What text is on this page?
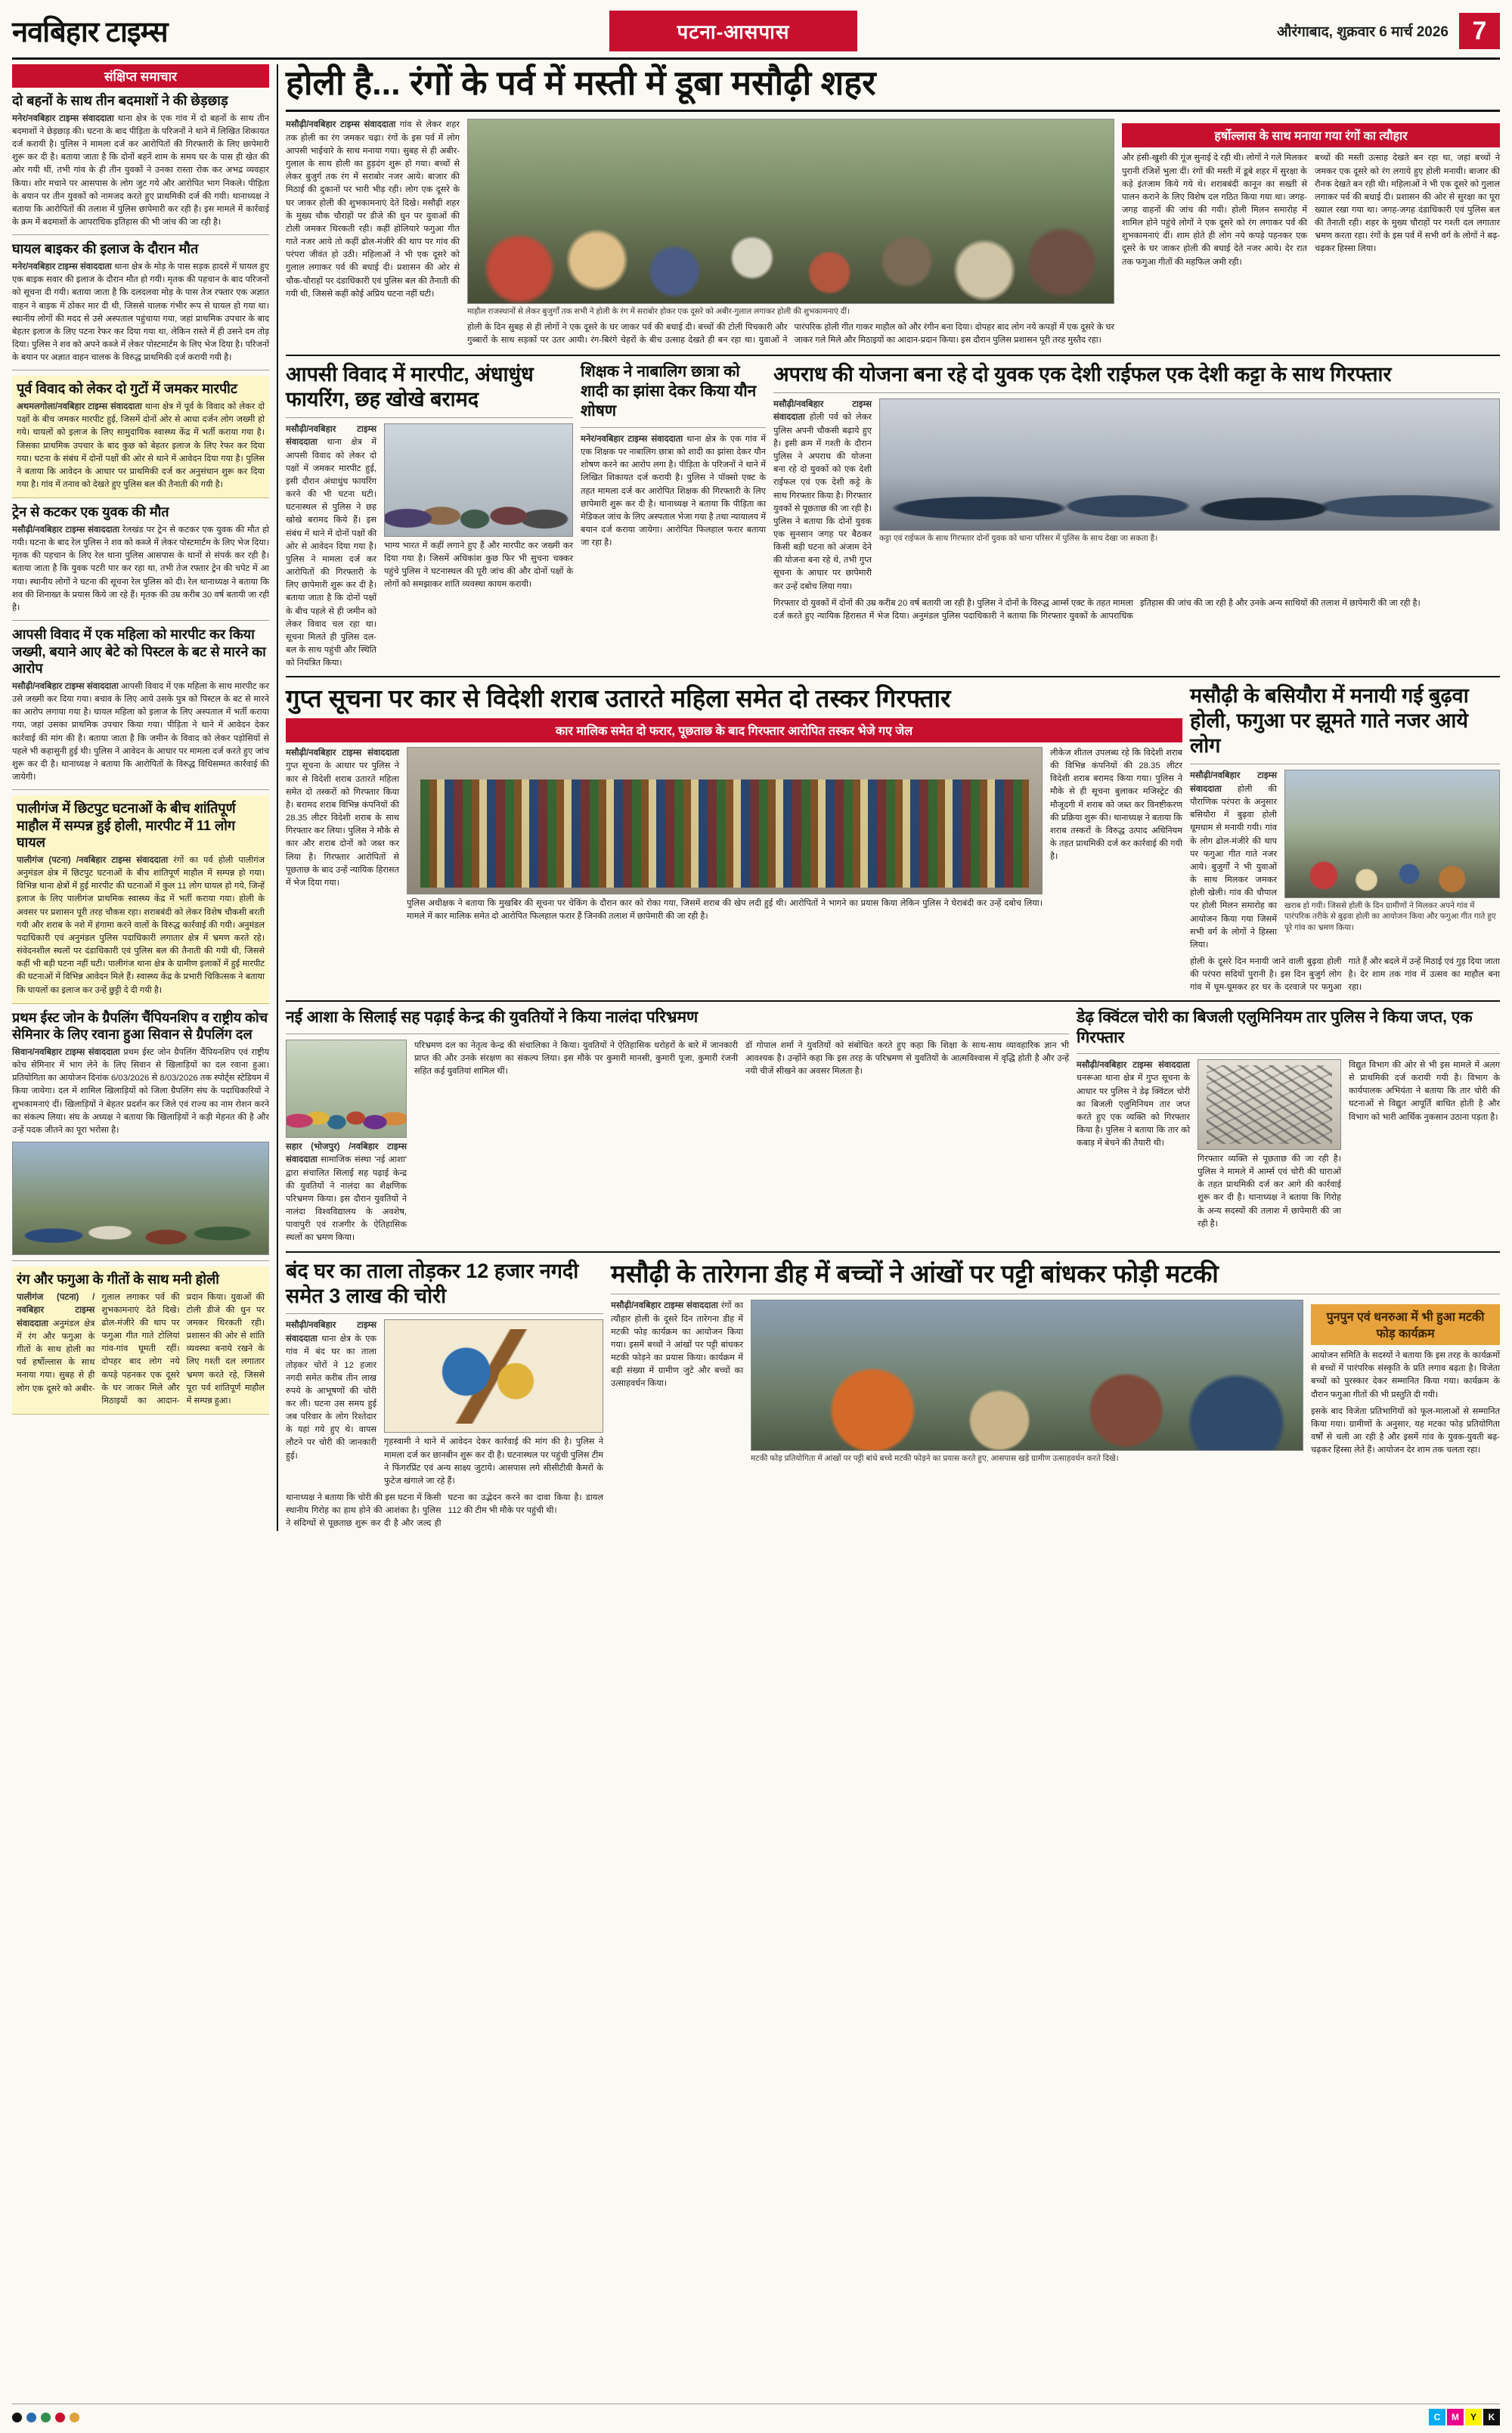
नवबिहार टाइम्स	पटना-आसपास	औरंगाबाद, शुक्रवार 6 मार्च 2026 7
संक्षिप्त समाचार
दो बहनों के साथ तीन बदमाशों ने की छेड़छाड़
मनेर/नवबिहार टाइम्स संवाददाता थाना क्षेत्र के एक गांव में दो बहनों के साथ तीन बदमाशों ने छेड़छाड़ की। घटना के बाद पीड़िता के परिजनों ने थाने में लिखित शिकायत दर्ज करायी है। पुलिस ने मामला दर्ज कर आरोपितों की गिरफ्तारी के लिए छापेमारी शुरू कर दी है। बताया जाता है कि दोनों बहनें शाम के समय घर के पास ही खेत की ओर गयी थीं, तभी गांव के ही तीन युवकों ने उनका रास्ता रोक कर अभद्र व्यवहार किया। शोर मचाने पर आसपास के लोग जुट गये और आरोपित भाग निकले। पीड़िता के बयान पर तीन युवकों को नामजद करते हुए प्राथमिकी दर्ज की गयी। थानाध्यक्ष ने बताया कि आरोपितों की तलाश में पुलिस छापेमारी कर रही है। इस मामले में कार्रवाई के क्रम में बदमाशों के आपराधिक इतिहास की भी जांच की जा रही है।
घायल बाइकर की इलाज के दौरान मौत
मनेर/नवबिहार टाइम्स संवाददाता थाना क्षेत्र के मोड़ के पास सड़क हादसे में घायल हुए एक बाइक सवार की इलाज के दौरान मौत हो गयी। मृतक की पहचान के बाद परिजनों को सूचना दी गयी। बताया जाता है कि दलदलवा मोड़ के पास तेज रफ्तार एक अज्ञात वाहन ने बाइक में ठोकर मार दी थी, जिससे चालक गंभीर रूप से घायल हो गया था। स्थानीय लोगों की मदद से उसे अस्पताल पहुंचाया गया, जहां प्राथमिक उपचार के बाद बेहतर इलाज के लिए पटना रेफर कर दिया गया था, लेकिन रास्ते में ही उसने दम तोड़ दिया। पुलिस ने शव को अपने कब्जे में लेकर पोस्टमार्टम के लिए भेज दिया है। परिजनों के बयान पर अज्ञात वाहन चालक के विरुद्ध प्राथमिकी दर्ज करायी गयी है।
पूर्व विवाद को लेकर दो गुटों में जमकर मारपीट
अथमलगोला/नवबिहार टाइम्स संवाददाता थाना क्षेत्र में पूर्व के विवाद को लेकर दो पक्षों के बीच जमकर मारपीट हुई, जिसमें दोनों ओर से आधा दर्जन लोग जख्मी हो गये। घायलों को इलाज के लिए सामुदायिक स्वास्थ्य केंद्र में भर्ती कराया गया है। जिसका प्राथमिक उपचार के बाद कुछ को बेहतर इलाज के लिए रेफर कर दिया गया। घटना के संबंध में दोनों पक्षों की ओर से थाने में आवेदन दिया गया है। पुलिस ने बताया कि आवेदन के आधार पर प्राथमिकी दर्ज कर अनुसंधान शुरू कर दिया गया है। गांव में तनाव को देखते हुए पुलिस बल की तैनाती की गयी है।
ट्रेन से कटकर एक युवक की मौत
मसौढ़ी/नवबिहार टाइम्स संवाददाता रेलखंड पर ट्रेन से कटकर एक युवक की मौत हो गयी। घटना के बाद रेल पुलिस ने शव को कब्जे में लेकर पोस्टमार्टम के लिए भेज दिया। मृतक की पहचान के लिए रेल थाना पुलिस आसपास के थानों से संपर्क कर रही है। बताया जाता है कि युवक पटरी पार कर रहा था, तभी तेज रफ्तार ट्रेन की चपेट में आ गया। स्थानीय लोगों ने घटना की सूचना रेल पुलिस को दी। रेल थानाध्यक्ष ने बताया कि शव की शिनाख्त के प्रयास किये जा रहे हैं। मृतक की उम्र करीब 30 वर्ष बतायी जा रही है।
आपसी विवाद में एक महिला को मारपीट कर किया जख्मी, बयाने आए बेटे को पिस्टल के बट से मारने का आरोप
मसौढ़ी/नवबिहार टाइम्स संवाददाता आपसी विवाद में एक महिला के साथ मारपीट कर उसे जख्मी कर दिया गया। बचाव के लिए आये उसके पुत्र को पिस्टल के बट से मारने का आरोप लगाया गया है। घायल महिला को इलाज के लिए अस्पताल में भर्ती कराया गया, जहां उसका प्राथमिक उपचार किया गया। पीड़िता ने थाने में आवेदन देकर कार्रवाई की मांग की है। बताया जाता है कि जमीन के विवाद को लेकर पड़ोसियों से पहले भी कहासुनी हुई थी। पुलिस ने आवेदन के आधार पर मामला दर्ज करते हुए जांच शुरू कर दी है। थानाध्यक्ष ने बताया कि आरोपितों के विरुद्ध विधिसम्मत कार्रवाई की जायेगी।
पालीगंज में छिटपुट घटनाओं के बीच शांतिपूर्ण माहौल में सम्पन्न हुई होली, मारपीट में 11 लोग घायल
पालीगंज (पटना) /नवबिहार टाइम्स संवाददाता रंगों का पर्व होली पालीगंज अनुमंडल क्षेत्र में छिटपुट घटनाओं के बीच शांतिपूर्ण माहौल में सम्पन्न हो गया। विभिन्न थाना क्षेत्रों में हुई मारपीट की घटनाओं में कुल 11 लोग घायल हो गये, जिन्हें इलाज के लिए पालीगंज प्राथमिक स्वास्थ्य केंद्र में भर्ती कराया गया। होली के अवसर पर प्रशासन पूरी तरह चौकस रहा। शराबबंदी को लेकर विशेष चौकसी बरती गयी और शराब के नशे में हंगामा करने वालों के विरुद्ध कार्रवाई की गयी। अनुमंडल पदाधिकारी एवं अनुमंडल पुलिस पदाधिकारी लगातार क्षेत्र में भ्रमण करते रहे। संवेदनशील स्थलों पर दंडाधिकारी एवं पुलिस बल की तैनाती की गयी थी, जिससे कहीं भी बड़ी घटना नहीं घटी। पालीगंज थाना क्षेत्र के ग्रामीण इलाकों में हुई मारपीट की घटनाओं में विभिन्न आवेदन मिले हैं। स्वास्थ्य केंद्र के प्रभारी चिकित्सक ने बताया कि घायलों का इलाज कर उन्हें छुट्टी दे दी गयी है।
प्रथम ईस्ट जोन के ग्रैपलिंग चैंपियनशिप व राष्ट्रीय कोच सेमिनार के लिए रवाना हुआ सिवान से ग्रैपलिंग दल
सिवान/नवबिहार टाइम्स संवाददाता प्रथम ईस्ट जोन ग्रैपलिंग चैंपियनशिप एवं राष्ट्रीय कोच सेमिनार में भाग लेने के लिए सिवान से खिलाड़ियों का दल रवाना हुआ। प्रतियोगिता का आयोजन दिनांक 6/03/2026 से 8/03/2026 तक स्पोर्ट्स स्टेडियम में किया जायेगा। दल में शामिल खिलाड़ियों को जिला ग्रैपलिंग संघ के पदाधिकारियों ने शुभकामनाएं दीं। खिलाड़ियों ने बेहतर प्रदर्शन कर जिले एवं राज्य का नाम रोशन करने का संकल्प लिया। संघ के अध्यक्ष ने बताया कि खिलाड़ियों ने कड़ी मेहनत की है और उन्हें पदक जीतने का पूरा भरोसा है।
रंग और फगुआ के गीतों के साथ मनी होली
पालीगंज (पटना) /नवबिहार टाइम्स संवाददाता अनुमंडल क्षेत्र में रंग और फगुआ के गीतों के साथ होली का पर्व हर्षोल्लास के साथ मनाया गया। सुबह से ही लोग एक दूसरे को अबीर-गुलाल लगाकर पर्व की शुभकामनाएं देते दिखे। ढोल-मंजीरे की थाप पर फगुआ गीत गाते टोलियां गांव-गांव घूमती रहीं। दोपहर बाद लोग नये कपड़े पहनकर एक दूसरे के घर जाकर मिले और मिठाइयों का आदान-प्रदान किया। युवाओं की टोली डीजे की धुन पर जमकर थिरकती रही। प्रशासन की ओर से शांति व्यवस्था बनाये रखने के लिए गश्ती दल लगातार भ्रमण करते रहे, जिससे पूरा पर्व शांतिपूर्ण माहौल में सम्पन्न हुआ।
होली है... रंगों के पर्व में मस्ती में डूबा मसौढ़ी शहर
मसौढ़ी/नवबिहार टाइम्स संवाददाता गांव से लेकर शहर तक होली का रंग जमकर चढ़ा। रंगों के इस पर्व में लोग आपसी भाईचारे के साथ मनाया गया। सुबह से ही अबीर-गुलाल के साथ होली का हुड़दंग शुरू हो गया। बच्चों से लेकर बुजुर्ग तक रंग में सराबोर नजर आये। बाजार की मिठाई की दुकानों पर भारी भीड़ रही। लोग एक दूसरे के घर जाकर होली की शुभकामनाएं देते दिखे। मसौढ़ी शहर के मुख्य चौक चौराहों पर डीजे की धुन पर युवाओं की टोली जमकर थिरकती रही। कहीं होलियारे फगुआ गीत गाते नजर आये तो कहीं ढोल-मंजीरे की थाप पर गांव की परंपरा जीवंत हो उठी। महिलाओं ने भी एक दूसरे को गुलाल लगाकर पर्व की बधाई दी। प्रशासन की ओर से चौक-चौराहों पर दंडाधिकारी एवं पुलिस बल की तैनाती की गयी थी, जिससे कहीं कोई अप्रिय घटना नहीं घटी।
माहौल राजस्थानों से लेकर बुजुर्गों तक सभी ने होली के रंग में सराबोर होकर एक दूसरे को अबीर-गुलाल लगाकर होली की शुभकामनाएं दीं।
होली के दिन सुबह से ही लोगों ने एक दूसरे के घर जाकर पर्व की बधाई दी। बच्चों की टोली पिचकारी और गुब्बारों के साथ सड़कों पर उतर आयी। रंग-बिरंगे चेहरों के बीच उत्साह देखते ही बन रहा था। युवाओं ने पारंपरिक होली गीत गाकर माहौल को और रंगीन बना दिया। दोपहर बाद लोग नये कपड़ों में एक दूसरे के घर जाकर गले मिले और मिठाइयों का आदान-प्रदान किया। इस दौरान पुलिस प्रशासन पूरी तरह मुस्तैद रहा।
हर्षोल्लास के साथ मनाया गया रंगों का त्यौहार
और हंसी-खुशी की गूंज सुनाई दे रही थी। लोगों ने गले मिलकर पुरानी रंजिशें भुला दीं। रंगों की मस्ती में डूबे शहर में सुरक्षा के कड़े इंतजाम किये गये थे। शराबबंदी कानून का सख्ती से पालन कराने के लिए विशेष दल गठित किया गया था। जगह-जगह वाहनों की जांच की गयी। होली मिलन समारोह में शामिल होने पहुंचे लोगों ने एक दूसरे को रंग लगाकर पर्व की शुभकामनाएं दीं। शाम होते ही लोग नये कपड़े पहनकर एक दूसरे के घर जाकर होली की बधाई देते नजर आये। देर रात तक फगुआ गीतों की महफिल जमी रही।
बच्चों की मस्ती उत्साह देखते बन रहा था, जहां बच्चों ने जमकर एक दूसरे को रंग लगाये हुए होली मनायी। बाजार की रौनक देखते बन रही थी। महिलाओं ने भी एक दूसरे को गुलाल लगाकर पर्व की बधाई दी। प्रशासन की ओर से सुरक्षा का पूरा ख्याल रखा गया था। जगह-जगह दंडाधिकारी एवं पुलिस बल की तैनाती रही। शहर के मुख्य चौराहों पर गश्ती दल लगातार भ्रमण करता रहा। रंगों के इस पर्व में सभी वर्ग के लोगों ने बढ़-चढ़कर हिस्सा लिया।
आपसी विवाद में मारपीट, अंधाधुंध फायरिंग, छह खोखे बरामद
मसौढ़ी/नवबिहार टाइम्स संवाददाता थाना क्षेत्र में आपसी विवाद को लेकर दो पक्षों में जमकर मारपीट हुई, इसी दौरान अंधाधुंध फायरिंग करने की भी घटना घटी। घटनास्थल से पुलिस ने छह खोखे बरामद किये हैं। इस संबंध में थाने में दोनों पक्षों की ओर से आवेदन दिया गया है। पुलिस ने मामला दर्ज कर आरोपितों की गिरफ्तारी के लिए छापेमारी शुरू कर दी है। बताया जाता है कि दोनों पक्षों के बीच पहले से ही जमीन को लेकर विवाद चल रहा था। सूचना मिलते ही पुलिस दल-बल के साथ पहुंची और स्थिति को नियंत्रित किया।
भाग्य भारत में कहीं लगाने हुए हैं और मारपीट कर जख्मी कर दिया गया है। जिसमें अधिकांश कुछ फिर भी सुचना चक्कर पहुंचे पुलिस ने घटनास्थल की पूरी जांच की और दोनों पक्षों के लोगों को समझाकर शांति व्यवस्था कायम करायी।
शिक्षक ने नाबालिग छात्रा को शादी का झांसा देकर किया यौन शोषण
मनेर/नवबिहार टाइम्स संवाददाता थाना क्षेत्र के एक गांव में एक शिक्षक पर नाबालिग छात्रा को शादी का झांसा देकर यौन शोषण करने का आरोप लगा है। पीड़िता के परिजनों ने थाने में लिखित शिकायत दर्ज करायी है। पुलिस ने पॉक्सो एक्ट के तहत मामला दर्ज कर आरोपित शिक्षक की गिरफ्तारी के लिए छापेमारी शुरू कर दी है। थानाध्यक्ष ने बताया कि पीड़िता का मेडिकल जांच के लिए अस्पताल भेजा गया है तथा न्यायालय में बयान दर्ज कराया जायेगा। आरोपित फिलहाल फरार बताया जा रहा है।
अपराध की योजना बना रहे दो युवक एक देशी राईफल एक देशी कट्टा के साथ गिरफ्तार
मसौढ़ी/नवबिहार टाइम्स संवाददाता होली पर्व को लेकर पुलिस अपनी चौकसी बढ़ाये हुए है। इसी क्रम में गश्ती के दौरान पुलिस ने अपराध की योजना बना रहे दो युवकों को एक देशी राईफल एवं एक देशी कट्टे के साथ गिरफ्तार किया है। गिरफ्तार युवकों से पूछताछ की जा रही है। पुलिस ने बताया कि दोनों युवक एक सुनसान जगह पर बैठकर किसी बड़ी घटना को अंजाम देने की योजना बना रहे थे, तभी गुप्त सूचना के आधार पर छापेमारी कर उन्हें दबोच लिया गया।
कट्टा एवं राईफल के साथ गिरफ्तार दोनों युवक को थाना परिसर में पुलिस के साथ देखा जा सकता है।
गिरफ्तार दो युवकों में दोनों की उम्र करीब 20 वर्ष बतायी जा रही है। पुलिस ने दोनों के विरुद्ध आर्म्स एक्ट के तहत मामला दर्ज करते हुए न्यायिक हिरासत में भेज दिया। अनुमंडल पुलिस पदाधिकारी ने बताया कि गिरफ्तार युवकों के आपराधिक इतिहास की जांच की जा रही है और उनके अन्य साथियों की तलाश में छापेमारी की जा रही है।
गुप्त सूचना पर कार से विदेशी शराब उतारते महिला समेत दो तस्कर गिरफ्तार
कार मालिक समेत दो फरार, पूछताछ के बाद गिरफ्तार आरोपित तस्कर भेजे गए जेल
मसौढ़ी/नवबिहार टाइम्स संवाददाता गुप्त सूचना के आधार पर पुलिस ने कार से विदेशी शराब उतारते महिला समेत दो तस्करों को गिरफ्तार किया है। बरामद शराब विभिन्न कंपनियों की 28.35 लीटर विदेशी शराब के साथ गिरफ्तार कर लिया। पुलिस ने मौके से कार और शराब दोनों को जब्त कर लिया है। गिरफ्तार आरोपितों से पूछताछ के बाद उन्हें न्यायिक हिरासत में भेज दिया गया।
पुलिस अधीक्षक ने बताया कि मुखबिर की सूचना पर चेकिंग के दौरान कार को रोका गया, जिसमें शराब की खेप लदी हुई थी। आरोपितों ने भागने का प्रयास किया लेकिन पुलिस ने घेराबंदी कर उन्हें दबोच लिया। मामले में कार मालिक समेत दो आरोपित फिलहाल फरार हैं जिनकी तलाश में छापेमारी की जा रही है।
लीकेज शीतल उपलब्ध रहे कि विदेशी शराब की विभिन्न कंपनियों की 28.35 लीटर विदेशी शराब बरामद किया गया। पुलिस ने मौके से ही सूचना बुलाकर मजिस्ट्रेट की मौजूदगी में शराब को जब्त कर विनष्टीकरण की प्रक्रिया शुरू की। थानाध्यक्ष ने बताया कि शराब तस्करों के विरुद्ध उत्पाद अधिनियम के तहत प्राथमिकी दर्ज कर कार्रवाई की गयी है।
मसौढ़ी के बसियौरा में मनायी गई बुढ़वा होली, फगुआ पर झूमते गाते नजर आये लोग
मसौढ़ी/नवबिहार टाइम्स संवाददाता होली की पौराणिक परंपरा के अनुसार बसियौरा में बुढ़वा होली धूमधाम से मनायी गयी। गांव के लोग ढोल-मंजीरे की थाप पर फगुआ गीत गाते नजर आये। बुजुर्गों ने भी युवाओं के साथ मिलकर जमकर होली खेली। गांव की चौपाल पर होली मिलन समारोह का आयोजन किया गया जिसमें सभी वर्ग के लोगों ने हिस्सा लिया।
खराब हो गयी। जिससे होली के दिन ग्रामीणों ने मिलकर अपने गांव में पारंपरिक तरीके से बुढ़वा होली का आयोजन किया और फगुआ गीत गाते हुए पूरे गांव का भ्रमण किया।
होली के दूसरे दिन मनायी जाने वाली बुढ़वा होली की परंपरा सदियों पुरानी है। इस दिन बुजुर्ग लोग गांव में घूम-घूमकर हर घर के दरवाजे पर फगुआ गाते हैं और बदले में उन्हें मिठाई एवं गुड़ दिया जाता है। देर शाम तक गांव में उत्सव का माहौल बना रहा।
नई आशा के सिलाई सह पढ़ाई केन्द्र की युवतियों ने किया नालंदा परिभ्रमण
सहार (भोजपुर) /नवबिहार टाइम्स संवाददाता सामाजिक संस्था 'नई आशा' द्वारा संचालित सिलाई सह पढ़ाई केन्द्र की युवतियों ने नालंदा का शैक्षणिक परिभ्रमण किया। इस दौरान युवतियों ने नालंदा विश्वविद्यालय के अवशेष, पावापुरी एवं राजगीर के ऐतिहासिक स्थलों का भ्रमण किया।
परिभ्रमण दल का नेतृत्व केन्द्र की संचालिका ने किया। युवतियों ने ऐतिहासिक धरोहरों के बारे में जानकारी प्राप्त की और उनके संरक्षण का संकल्प लिया। इस मौके पर कुमारी मानसी, कुमारी पूजा, कुमारी रंजनी सहित कई युवतियां शामिल थीं।
डॉ गोपाल शर्मा ने युवतियों को संबोधित करते हुए कहा कि शिक्षा के साथ-साथ व्यावहारिक ज्ञान भी आवश्यक है। उन्होंने कहा कि इस तरह के परिभ्रमण से युवतियों के आत्मविश्वास में वृद्धि होती है और उन्हें नयी चीजें सीखने का अवसर मिलता है।
डेढ़ क्विंटल चोरी का बिजली एलुमिनियम तार पुलिस ने किया जप्त, एक गिरफ्तार
मसौढ़ी/नवबिहार टाइम्स संवाददाता धनरूआ थाना क्षेत्र में गुप्त सूचना के आधार पर पुलिस ने डेढ़ क्विंटल चोरी का बिजली एलुमिनियम तार जप्त करते हुए एक व्यक्ति को गिरफ्तार किया है। पुलिस ने बताया कि तार को कबाड़ में बेचने की तैयारी थी।
गिरफ्तार व्यक्ति से पूछताछ की जा रही है। पुलिस ने मामले में आर्म्स एवं चोरी की धाराओं के तहत प्राथमिकी दर्ज कर आगे की कार्रवाई शुरू कर दी है। थानाध्यक्ष ने बताया कि गिरोह के अन्य सदस्यों की तलाश में छापेमारी की जा रही है।
विद्युत विभाग की ओर से भी इस मामले में अलग से प्राथमिकी दर्ज करायी गयी है। विभाग के कार्यपालक अभियंता ने बताया कि तार चोरी की घटनाओं से विद्युत आपूर्ति बाधित होती है और विभाग को भारी आर्थिक नुकसान उठाना पड़ता है।
बंद घर का ताला तोड़कर 12 हजार नगदी समेत 3 लाख की चोरी
मसौढ़ी/नवबिहार टाइम्स संवाददाता थाना क्षेत्र के एक गांव में बंद घर का ताला तोड़कर चोरों ने 12 हजार नगदी समेत करीब तीन लाख रुपये के आभूषणों की चोरी कर ली। घटना उस समय हुई जब परिवार के लोग रिश्तेदार के यहां गये हुए थे। वापस लौटने पर चोरी की जानकारी हुई।
गृहस्वामी ने थाने में आवेदन देकर कार्रवाई की मांग की है। पुलिस ने मामला दर्ज कर छानबीन शुरू कर दी है। घटनास्थल पर पहुंची पुलिस टीम ने फिंगरप्रिंट एवं अन्य साक्ष्य जुटाये। आसपास लगे सीसीटीवी कैमरों के फुटेज खंगाले जा रहे हैं।
थानाध्यक्ष ने बताया कि चोरी की इस घटना में किसी स्थानीय गिरोह का हाथ होने की आशंका है। पुलिस ने संदिग्धों से पूछताछ शुरू कर दी है और जल्द ही घटना का उद्भेदन करने का दावा किया है। डायल 112 की टीम भी मौके पर पहुंची थी।
मसौढ़ी के तारेगना डीह में बच्चों ने आंखों पर पट्टी बांधकर फोड़ी मटकी
मसौढ़ी/नवबिहार टाइम्स संवाददाता रंगों का त्यौहार होली के दूसरे दिन तारेगना डीह में मटकी फोड़ कार्यक्रम का आयोजन किया गया। इसमें बच्चों ने आंखों पर पट्टी बांधकर मटकी फोड़ने का प्रयास किया। कार्यक्रम में बड़ी संख्या में ग्रामीण जुटे और बच्चों का उत्साहवर्धन किया।
मटकी फोड़ प्रतियोगिता में आंखों पर पट्टी बांधे बच्चे मटकी फोड़ने का प्रयास करते हुए, आसपास खड़े ग्रामीण उत्साहवर्धन करते दिखे।
पुनपुन एवं धनरुआ में भी हुआ मटकी फोड़ कार्यक्रम
आयोजन समिति के सदस्यों ने बताया कि इस तरह के कार्यक्रमों से बच्चों में पारंपरिक संस्कृति के प्रति लगाव बढ़ता है। विजेता बच्चों को पुरस्कार देकर सम्मानित किया गया। कार्यक्रम के दौरान फगुआ गीतों की भी प्रस्तुति दी गयी।
इसके बाद विजेता प्रतिभागियों को फूल-मालाओं से सम्मानित किया गया। ग्रामीणों के अनुसार, यह मटका फोड़ प्रतियोगिता वर्षों से चली आ रही है और इसमें गांव के युवक-युवती बढ़-चढ़कर हिस्सा लेते हैं। आयोजन देर शाम तक चलता रहा।
C	M	Y	K
